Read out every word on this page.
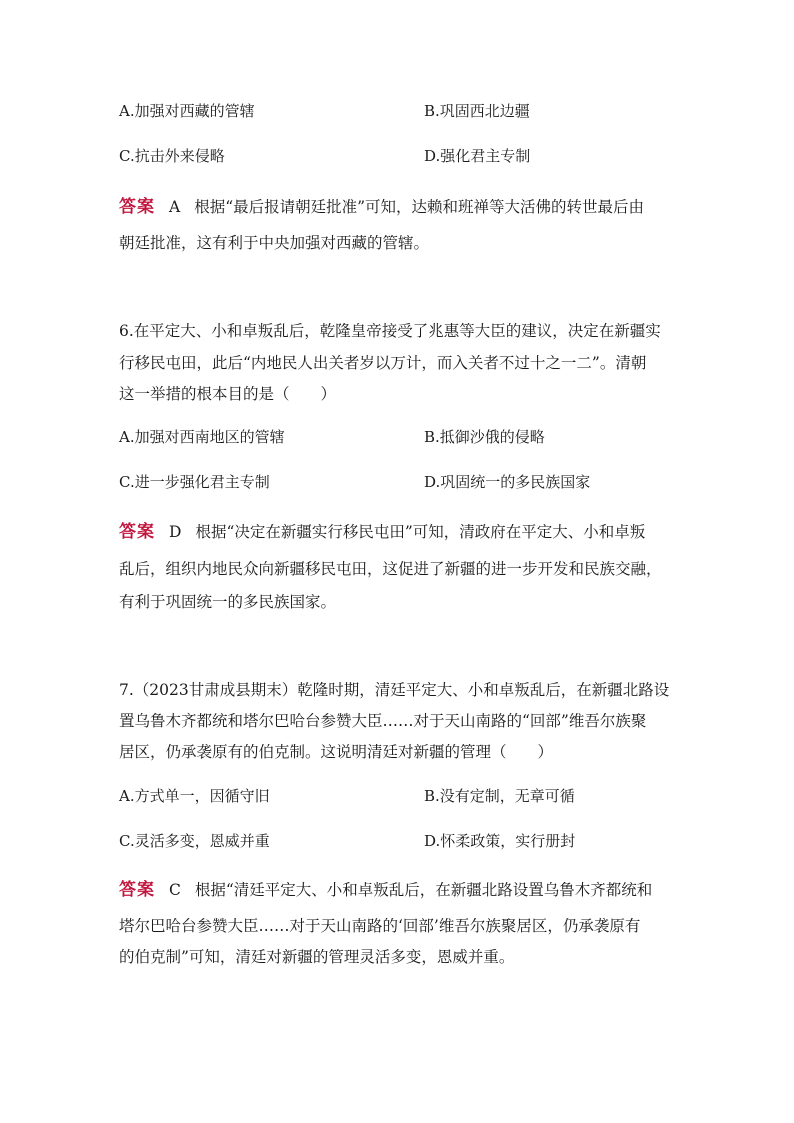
A.加强对西藏的管辖	B.巩固西北边疆
C.抗击外来侵略	D.强化君主专制
答案 A 根据“最后报请朝廷批准”可知，达赖和班禅等大活佛的转世最后由
朝廷批准，这有利于中央加强对西藏的管辖。
6.在平定大、小和卓叛乱后，乾隆皇帝接受了兆惠等大臣的建议，决定在新疆实
行移民屯田，此后“内地民人出关者岁以万计，而入关者不过十之一二”。清朝
这一举措的根本目的是（　　）
A.加强对西南地区的管辖	B.抵御沙俄的侵略
C.进一步强化君主专制	D.巩固统一的多民族国家
答案 D 根据“决定在新疆实行移民屯田”可知，清政府在平定大、小和卓叛
乱后，组织内地民众向新疆移民屯田，这促进了新疆的进一步开发和民族交融，
有利于巩固统一的多民族国家。
7.（2023甘肃成县期末）乾隆时期，清廷平定大、小和卓叛乱后，在新疆北路设
置乌鲁木齐都统和塔尔巴哈台参赞大臣……对于天山南路的“回部”维吾尔族聚
居区，仍承袭原有的伯克制。这说明清廷对新疆的管理（　　）
A.方式单一，因循守旧	B.没有定制，无章可循
C.灵活多变，恩威并重	D.怀柔政策，实行册封
答案 C 根据“清廷平定大、小和卓叛乱后，在新疆北路设置乌鲁木齐都统和
塔尔巴哈台参赞大臣……对于天山南路的‘回部’维吾尔族聚居区，仍承袭原有
的伯克制”可知，清廷对新疆的管理灵活多变，恩威并重。
